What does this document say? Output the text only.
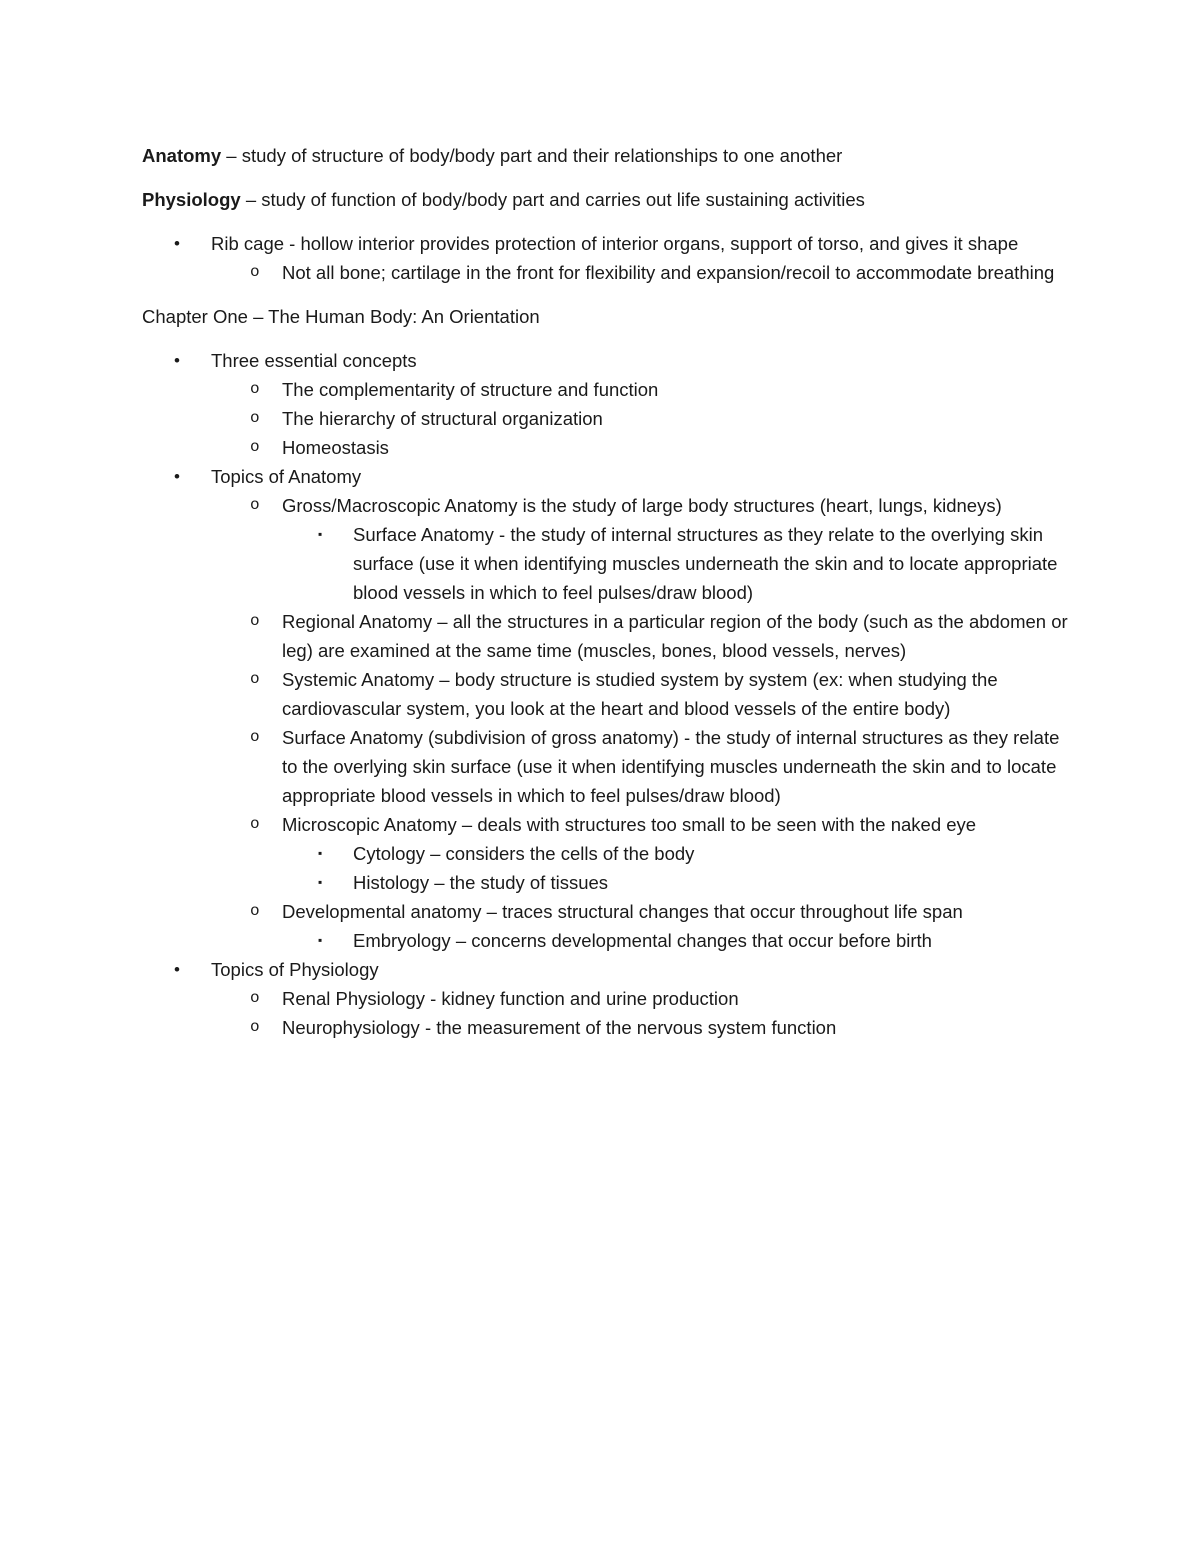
Anatomy – study of structure of body/body part and their relationships to one another

Physiology – study of function of body/body part and carries out life sustaining activities

• Rib cage - hollow interior provides protection of interior organs, support of torso, and gives it shape
o Not all bone; cartilage in the front for flexibility and expansion/recoil to accommodate breathing

Chapter One – The Human Body: An Orientation

• Three essential concepts
o The complementarity of structure and function
o The hierarchy of structural organization
o Homeostasis
• Topics of Anatomy
o Gross/Macroscopic Anatomy is the study of large body structures (heart, lungs, kidneys)
▪ Surface Anatomy - the study of internal structures as they relate to the overlying skin surface (use it when identifying muscles underneath the skin and to locate appropriate blood vessels in which to feel pulses/draw blood)
o Regional Anatomy – all the structures in a particular region of the body (such as the abdomen or leg) are examined at the same time (muscles, bones, blood vessels, nerves)
o Systemic Anatomy – body structure is studied system by system (ex: when studying the cardiovascular system, you look at the heart and blood vessels of the entire body)
o Surface Anatomy (subdivision of gross anatomy) - the study of internal structures as they relate to the overlying skin surface (use it when identifying muscles underneath the skin and to locate appropriate blood vessels in which to feel pulses/draw blood)
o Microscopic Anatomy – deals with structures too small to be seen with the naked eye
▪ Cytology – considers the cells of the body
▪ Histology – the study of tissues
o Developmental anatomy – traces structural changes that occur throughout life span
▪ Embryology – concerns developmental changes that occur before birth
• Topics of Physiology
o Renal Physiology - kidney function and urine production
o Neurophysiology - the measurement of the nervous system function
